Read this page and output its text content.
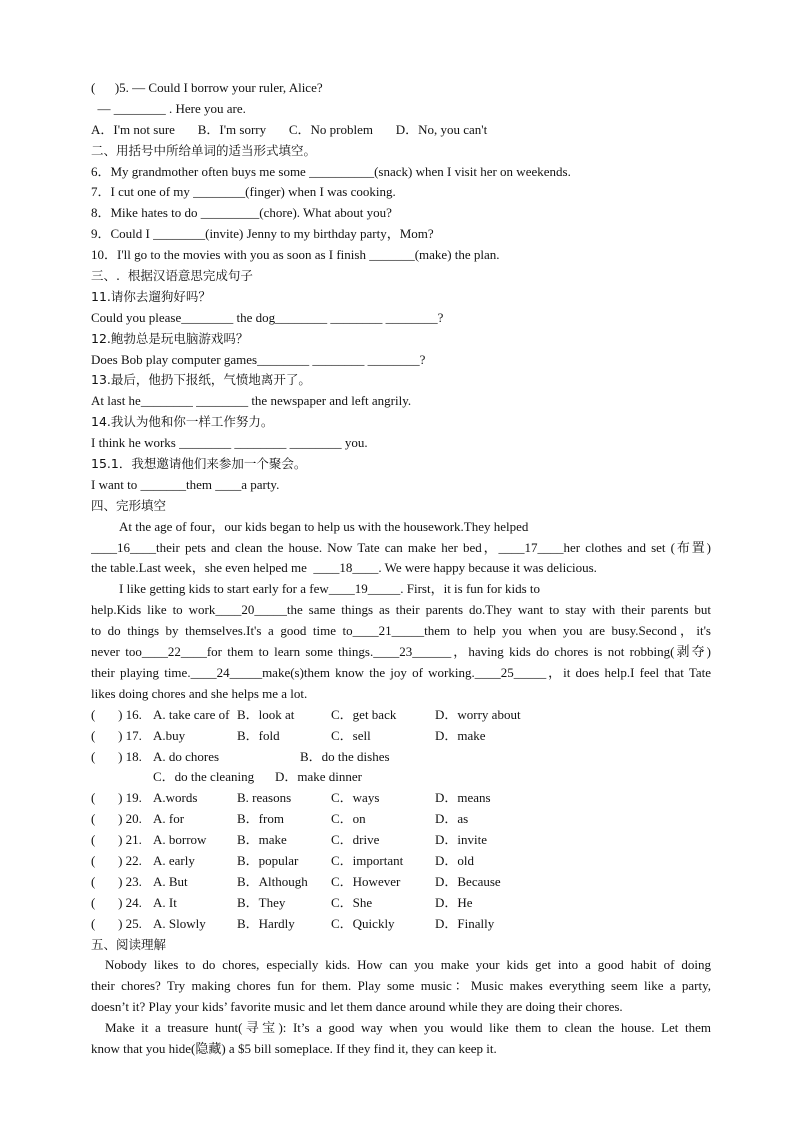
(      )5. — Could I borrow your ruler, Alice?
— ________ . Here you are.
A．I'm not sure       B．I'm sorry       C．No problem       D．No, you can't
二、用括号中所给单词的适当形式填空。
6．My grandmother often buys me some __________(snack) when I visit her on weekends.
7．I cut one of my ________(finger) when I was cooking.
8．Mike hates to do _________(chore). What about you?
9．Could I ________(invite) Jenny to my birthday party，Mom?
10．I'll go to the movies with you as soon as I finish _______(make) the plan.
三、.  根据汉语意思完成句子
11.请你去遛狗好吗？
Could you please________ the dog________ ________ ________?
12.鲍勃总是玩电脑游戏吗？
Does Bob play computer games________ ________ ________?
13.最后，他扔下报纸，气愤地离开了。
At last he________ ________ the newspaper and left angrily.
14.我认为他和你一样工作努力。
I think he works ________ ________ ________ you.
15.1．我想邀请他们来参加一个聚会。
I want to _______them ____a party.
四、完形填空
At the age of four，our kids began to help us with the housework.They helped
____16____their pets and clean the house. Now Tate can make her bed，____17____her clothes and set (布置)
the table.Last week，she even helped me  ____18____. We were happy because it was delicious.
I like getting kids to start early for a few____19_____. First，it is fun for kids to
help.Kids like to work____20_____the same things as their parents do.They want to stay with their parents but
to do things by themselves.It's a good time to____21_____them to help you when you are busy.Second，it's
never too____22____for them to learn some things.____23______，having kids do chores is not robbing(剥夺)
their playing time.____24_____make(s)them know the joy of working.____25_____，it does help.I feel that Tate
likes doing chores and she helps me a lot.
(       ) 16. A. take care of B．look at	C．get back	D．worry about
(       ) 17. A.buy	B．fold	C．sell	D．make
(       ) 18. A. do chores	B．do the dishes
C．do the cleaning	D．make dinner
(       ) 19. A.words	B. reasons	C．ways	D．means
(       ) 20. A. for	B．from	C．on	D．as
(       ) 21. A. borrow	B．make	C．drive	D．invite
(       ) 22. A. early	B．popular	C．important	D．old
(       ) 23. A. But	B．Although	C．However	D．Because
(       ) 24. A. It	B．They	C．She	D．He
(       ) 25. A. Slowly	B．Hardly	C．Quickly	D．Finally
五、阅读理解
Nobody likes to do chores, especially kids. How can you make your kids get into a good habit of doing
their chores? Try making chores fun for them. Play some music：Music makes everything seem like a party,
doesn’t it? Play your kids’ favorite music and let them dance around while they are doing their chores.
Make it a treasure hunt(寻宝): It’s a good way when you would like them to clean the house. Let them
know that you hide(隐藏) a $5 bill someplace. If they find it, they can keep it.
